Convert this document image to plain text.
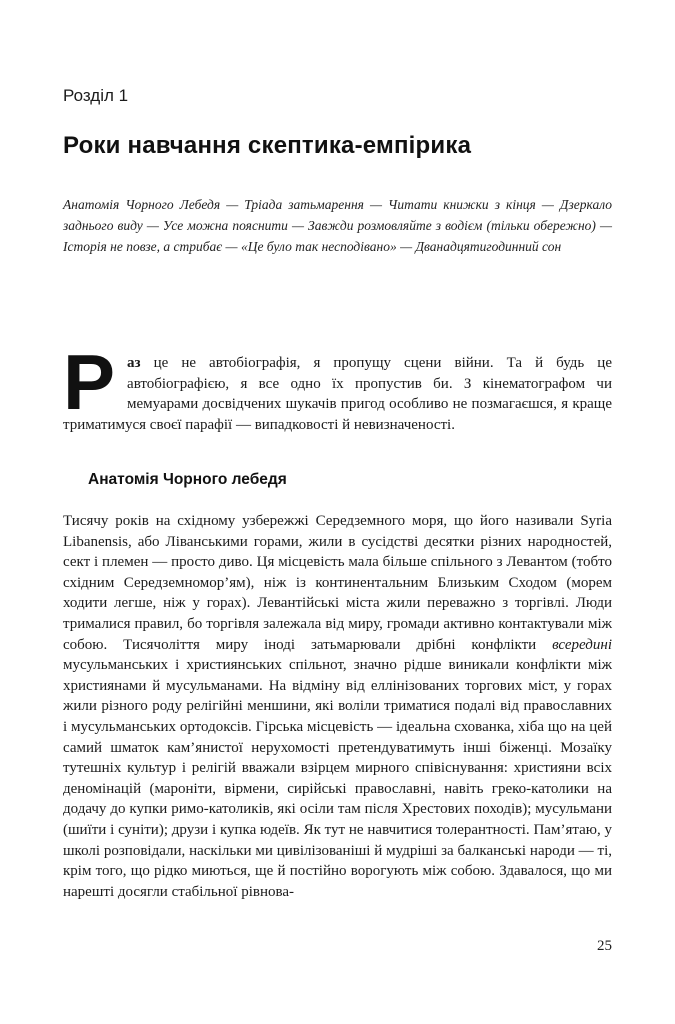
Розділ 1
Роки навчання скептика-емпірика

Анатомія Чорного Лебедя — Тріада затьмарення — Читати книжки з кінця — Дзеркало заднього виду — Усе можна пояснити — Завжди розмовляйте з водієм (тільки обережно) — Історія не повзе, а стрибає — «Це було так несподівано» — Дванадцятигодинний сон

Раз це не автобіографія, я пропущу сцени війни. Та й будь це автобіографією, я все одно їх пропустив би. З кінематографом чи мемуарами досвідчених шукачів пригод особливо не позмагаєшся, я краще триматимуся своєї парафії — випадковості й невизначеності.

Анатомія Чорного лебедя

Тисячу років на східному узбережжі Середземного моря, що його називали Syria Libanensis, або Ліванськими горами, жили в сусідстві десятки різних народностей, сект і племен — просто диво. Ця місцевість мала більше спільного з Левантом (тобто східним Середземномор’ям), ніж із континентальним Близьким Сходом (морем ходити легше, ніж у горах). Левантійські міста жили переважно з торгівлі. Люди трималися правил, бо торгівля залежала від миру, громади активно контактували між собою. Тисячоліття миру іноді затьмарювали дрібні конфлікти всередині мусульманських і християнських спільнот, значно рідше виникали конфлікти між християнами й мусульманами. На відміну від еллінізованих торгових міст, у горах жили різного роду релігійні меншини, які воліли триматися подалі від православних і мусульманських ортодоксів. Гірська місцевість — ідеальна схованка, хіба що на цей самий шматок кам’янистої нерухомості претендуватимуть інші біженці. Мозаїку тутешніх культур і релігій вважали взірцем мирного співіснування: християни всіх деномінацій (мароніти, вірмени, сирійські православні, навіть греко-католики на додачу до купки римо-католиків, які осіли там після Хрестових походів); мусульмани (шиїти і суніти); друзи і купка юдеїв. Як тут не навчитися толерантності. Пам’ятаю, у школі розповідали, наскільки ми цивілізованіші й мудріші за балканські народи — ті, крім того, що рідко миються, ще й постійно ворогують між собою. Здавалося, що ми нарешті досягли стабільної рівнова-

25
